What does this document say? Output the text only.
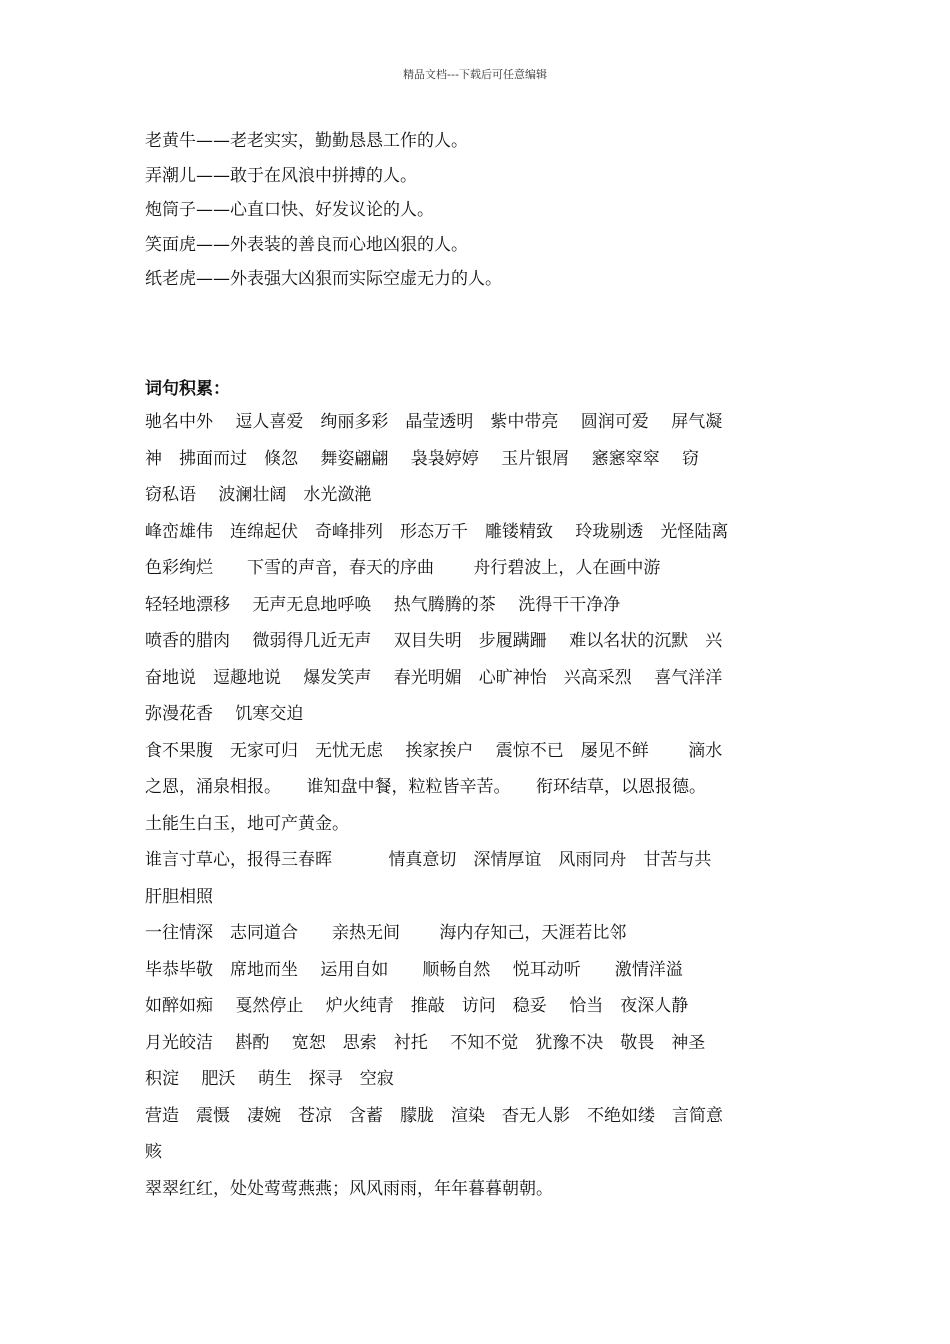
精品文档---下载后可任意编辑
老黄牛——老老实实，勤勤恳恳工作的人。
弄潮儿——敢于在风浪中拼搏的人。
炮筒子——心直口快、好发议论的人。
笑面虎——外表装的善良而心地凶狠的人。
纸老虎——外表强大凶狠而实际空虚无力的人。
词句积累：
驰名中外　 逗人喜爱　绚丽多彩　晶莹透明　紫中带亮　 圆润可爱　 屏气凝
神　拂面而过　倏忽　 舞姿翩翩　 袅袅婷婷　 玉片银屑　 窸窸窣窣　 窃
窃私语　 波澜壮阔　水光潋滟
峰峦雄伟　连绵起伏　奇峰排列　形态万千　雕镂精致　 玲珑剔透　光怪陆离
色彩绚烂　　下雪的声音，春天的序曲　　 舟行碧波上，人在画中游
轻轻地漂移　 无声无息地呼唤　 热气腾腾的茶　 洗得干干净净
喷香的腊肉　 微弱得几近无声　 双目失明　步履蹒跚　 难以名状的沉默　兴
奋地说　逗趣地说　 爆发笑声　 春光明媚　心旷神怡　兴高采烈　 喜气洋洋
弥漫花香　 饥寒交迫
食不果腹　无家可归　无忧无虑　 挨家挨户　 震惊不已　屡见不鲜　　 滴水
之恩，涌泉相报。　　谁知盘中餐，粒粒皆辛苦。　　衔环结草，以恩报德。
土能生白玉，地可产黄金。
谁言寸草心，报得三春晖　　　 情真意切　深情厚谊　风雨同舟　甘苦与共
肝胆相照
一往情深　志同道合　　亲热无间　　 海内存知己，天涯若比邻
毕恭毕敬　席地而坐　 运用自如　　顺畅自然　 悦耳动听　　激情洋溢
如醉如痴　 戛然停止　 炉火纯青　推敲　访问　稳妥　 恰当　夜深人静
月光皎洁　 斟酌　 宽恕　思索　衬托　 不知不觉　犹豫不决　敬畏　神圣
积淀　 肥沃　 萌生　探寻　空寂
营造　震慑　凄婉　苍凉　含蓄　朦胧　渲染　杳无人影　不绝如缕　言简意
赅
翠翠红红，处处莺莺燕燕；风风雨雨，年年暮暮朝朝。
